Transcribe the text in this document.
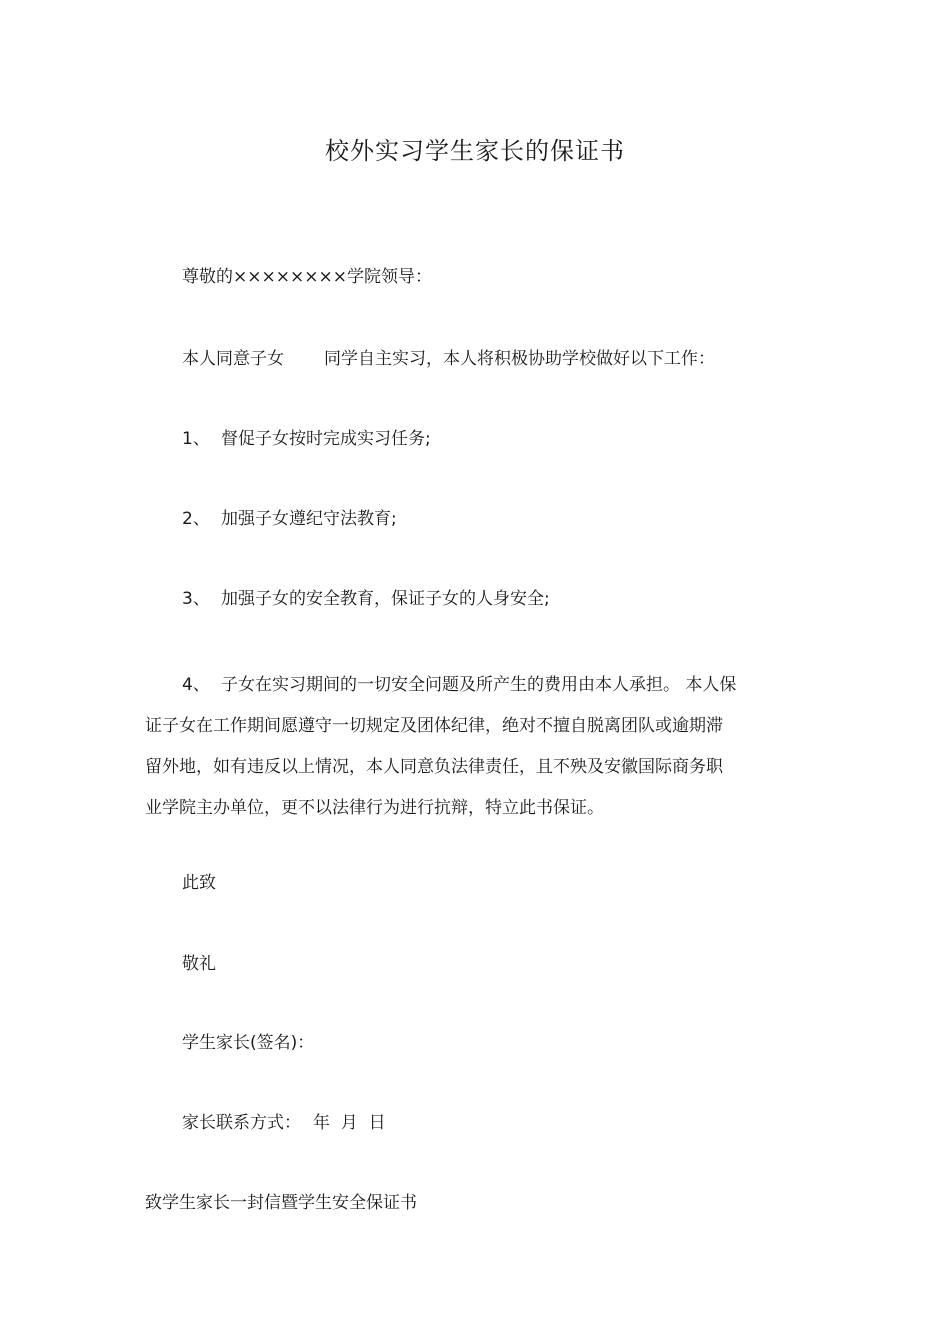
校外实习学生家长的保证书
尊敬的××××××××学院领导：
本人同意子女 同学自主实习，本人将积极协助学校做好以下工作：
1、 督促子女按时完成实习任务;
2、 加强子女遵纪守法教育;
3、 加强子女的安全教育，保证子女的人身安全;
4、 子女在实习期间的一切安全问题及所产生的费用由本人承担。 本人保
证子女在工作期间愿遵守一切规定及团体纪律，绝对不擅自脱离团队或逾期滞
留外地，如有违反以上情况，本人同意负法律责任，且不殃及安徽国际商务职
业学院主办单位，更不以法律行为进行抗辩，特立此书保证。
此致
敬礼
学生家长(签名)：
家长联系方式： 年  月  日
致学生家长一封信暨学生安全保证书
